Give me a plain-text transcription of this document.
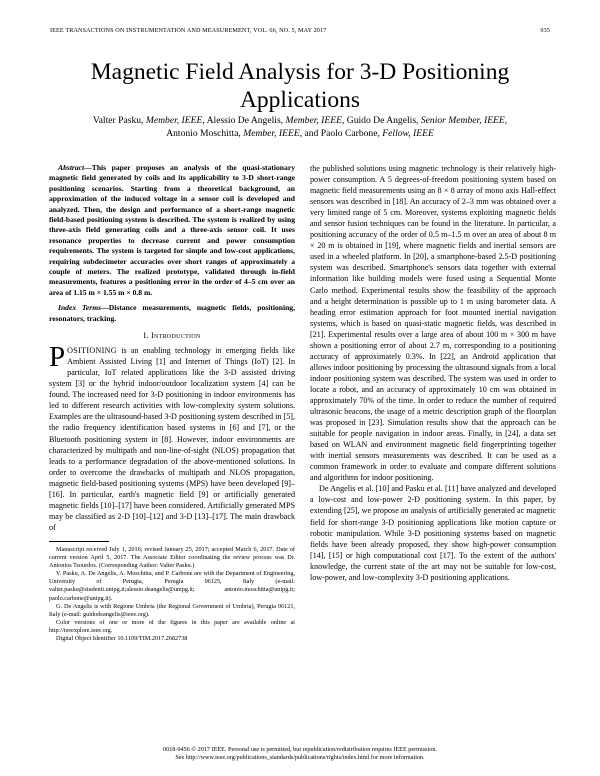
IEEE TRANSACTIONS ON INSTRUMENTATION AND MEASUREMENT, VOL. 66, NO. 5, MAY 2017	935
Magnetic Field Analysis for 3-D Positioning Applications
Valter Pasku, Member, IEEE, Alessio De Angelis, Member, IEEE, Guido De Angelis, Senior Member, IEEE,
Antonio Moschitta, Member, IEEE, and Paolo Carbone, Fellow, IEEE

Abstract—This paper proposes an analysis of the quasi-stationary magnetic field generated by coils and its applicability to 3-D short-range positioning scenarios. Starting from a theoretical background, an approximation of the induced voltage in a sensor coil is developed and analyzed. Then, the design and performance of a short-range magnetic field-based positioning system is described. The system is realized by using three-axis field generating coils and a three-axis sensor coil. It uses resonance properties to decrease current and power consumption requirements. The system is targeted for simple and low-cost applications, requiring subdecimeter accuracies over short ranges of approximately a couple of meters. The realized prototype, validated through in-field measurements, features a positioning error in the order of 4–5 cm over an area of 1.15 m × 1.55 m × 0.8 m.

Index Terms—Distance measurements, magnetic fields, positioning, resonators, tracking.

I. Introduction

POSITIONING is an enabling technology in emerging fields like Ambient Assisted Living [1] and Internet of Things (IoT) [2]. In particular, IoT related applications like the 3-D assisted driving system [3] or the hybrid indoor/outdoor localization system [4] can be found. The increased need for 3-D positioning in indoor environments has led to different research activities with low-complexity system solutions. Examples are the ultrasound-based 3-D positioning system described in [5], the radio frequency identification based systems in [6] and [7], or the Bluetooth positioning system in [8]. However, indoor environments are characterized by multipath and non-line-of-sight (NLOS) propagation that leads to a performance degradation of the above-mentioned solutions. In order to overcome the drawbacks of multipath and NLOS propagation, magnetic field-based positioning systems (MPS) have been developed [9]–[16]. In particular, earth's magnetic field [9] or artificially generated magnetic fields [10]–[17] have been considered. Artificially generated MPS may be classified as 2-D [10]–[12] and 3-D [13]–[17]. The main drawback of

Manuscript received July 1, 2016; revised January 25, 2017; accepted March 6, 2017. Date of current version April 5, 2017. The Associate Editor coordinating the review process was Dr. Antonios Tsourdos. (Corresponding Author: Valter Pasku.)

V. Pasku, A. De Angelis, A. Moschitta, and P. Carbone are with the Department of Engineering, University of Perugia, Perugia 06125, Italy (e-mail: valter.pasku@studenti.unipg.it;alessio.deangelis@unipg.it; antonio.moschitta@unipg.it; paolo.carbone@unipg.it).

G. De Angelis is with Regione Umbria (the Regional Government of Umbria), Perugia 06121, Italy (e-mail: guidodeangelis@ieee.org).

Color versions of one or more of the figures in this paper are available online at http://ieeexplore.ieee.org.

Digital Object Identifier 10.1109/TIM.2017.2682738

the published solutions using magnetic technology is their relatively high-power consumption. A 5 degrees-of-freedom positioning system based on magnetic field measurements using an 8 × 8 array of mono axis Hall-effect sensors was described in [18]. An accuracy of 2–3 mm was obtained over a very limited range of 5 cm. Moreover, systems exploiting magnetic fields and sensor fusion techniques can be found in the literature. In particular, a positioning accuracy of the order of 0.5 m–1.5 m over an area of about 8 m × 20 m is obtained in [19], where magnetic fields and inertial sensors are used in a wheeled platform. In [20], a smartphone-based 2.5-D positioning system was described. Smartphone's sensors data together with external information like building models were fused using a Sequential Monte Carlo method. Experimental results show the feasibility of the approach and a height determination is possible up to 1 m using barometer data. A heading error estimation approach for foot mounted inertial navigation systems, which is based on quasi-static magnetic fields, was described in [21]. Experimental results over a large area of about 100 m × 300 m have shown a positioning error of about 2.7 m, corresponding to a positioning accuracy of approximately 0.3%. In [22], an Android application that allows indoor positioning by processing the ultrasound signals from a local indoor positioning system was described. The system was used in order to locate a robot, and an accuracy of approximately 10 cm was obtained in approximately 70% of the time. In order to reduce the number of required ultrasonic beacons, the usage of a metric description graph of the floorplan was proposed in [23]. Simulation results show that the approach can be suitable for people navigation in indoor areas. Finally, in [24], a data set based on WLAN and environment magnetic field fingerprinting together with inertial sensors measurements was described. It can be used as a common framework in order to evaluate and compare different solutions and algorithms for indoor positioning.

De Angelis et al. [10] and Pasku et al. [11] have analyzed and developed a low-cost and low-power 2-D positioning system. In this paper, by extending [25], we propose an analysis of artificially generated ac magnetic field for short-range 3-D positioning applications like motion capture or robotic manipulation. While 3-D positioning systems based on magnetic fields have been already proposed, they show high-power consumption [14], [15] or high computational cost [17]. To the extent of the authors' knowledge, the current state of the art may not be suitable for low-cost, low-power, and low-complexity 3-D positioning applications.

0018-9456 © 2017 IEEE. Personal use is permitted, but republication/redistribution requires IEEE permission.
See http://www.ieee.org/publications_standards/publications/rights/index.html for more information.
